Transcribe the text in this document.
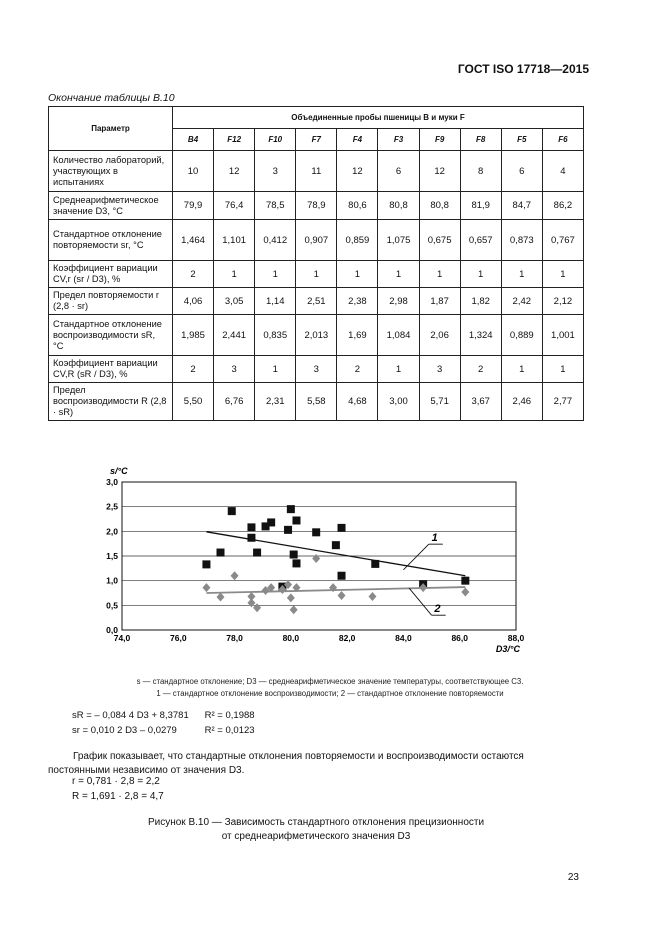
ГОСТ ISO 17718—2015
Окончание таблицы В.10
Параметр	Объединенные пробы пшеницы B и муки F									
	B4	F12	F10	F7	F4	F3	F9	F8	F5	F6
Количество лабораторий, участвующих в испытаниях	10	12	3	11	12	6	12	8	6	4
Среднеарифметическое значение D3, °C	79,9	76,4	78,5	78,9	80,6	80,8	80,8	81,9	84,7	86,2
Стандартное отклонение повторяемости sr, °C	1,464	1,101	0,412	0,907	0,859	1,075	0,675	0,657	0,873	0,767
Коэффициент вариации CV,r (sr / D3), %	2	1	1	1	1	1	1	1	1	1
Предел повторяемости r (2,8 · sr)	4,06	3,05	1,14	2,51	2,38	2,98	1,87	1,82	2,42	2,12
Стандартное отклонение воспроизводимости sR, °C	1,985	2,441	0,835	2,013	1,69	1,084	2,06	1,324	0,889	1,001
Коэффициент вариации CV,R (sR / D3), %	2	3	1	3	2	1	3	2	1	1
Предел воспроизводимости R (2,8 · sR)	5,50	6,76	2,31	5,58	4,68	3,00	5,71	3,67	2,46	2,77
0,0
0,5
1,0
1,5
2,0
2,5
3,0
74,0	76,0	78,0	80,0	82,0	84,0	86,0	88,0
s/°C
D3/°C
1
2
s — стандартное отклонение; D3 — среднеарифметическое значение температуры, соответствующее C3.
1 — стандартное отклонение воспроизводимости; 2 — стандартное отклонение повторяемости
sR = – 0,084 4 D3 + 8,3781 R² = 0,1988
sr = 0,010 2 D3 – 0,0279	R² = 0,0123
График показывает, что стандартные отклонения повторяемости и воспроизводимости остаются постоянными независимо от значения D3.
r = 0,781 · 2,8 = 2,2
R = 1,691 · 2,8 = 4,7
Рисунок В.10 — Зависимость стандартного отклонения прецизионности
от среднеарифметического значения D3
23
